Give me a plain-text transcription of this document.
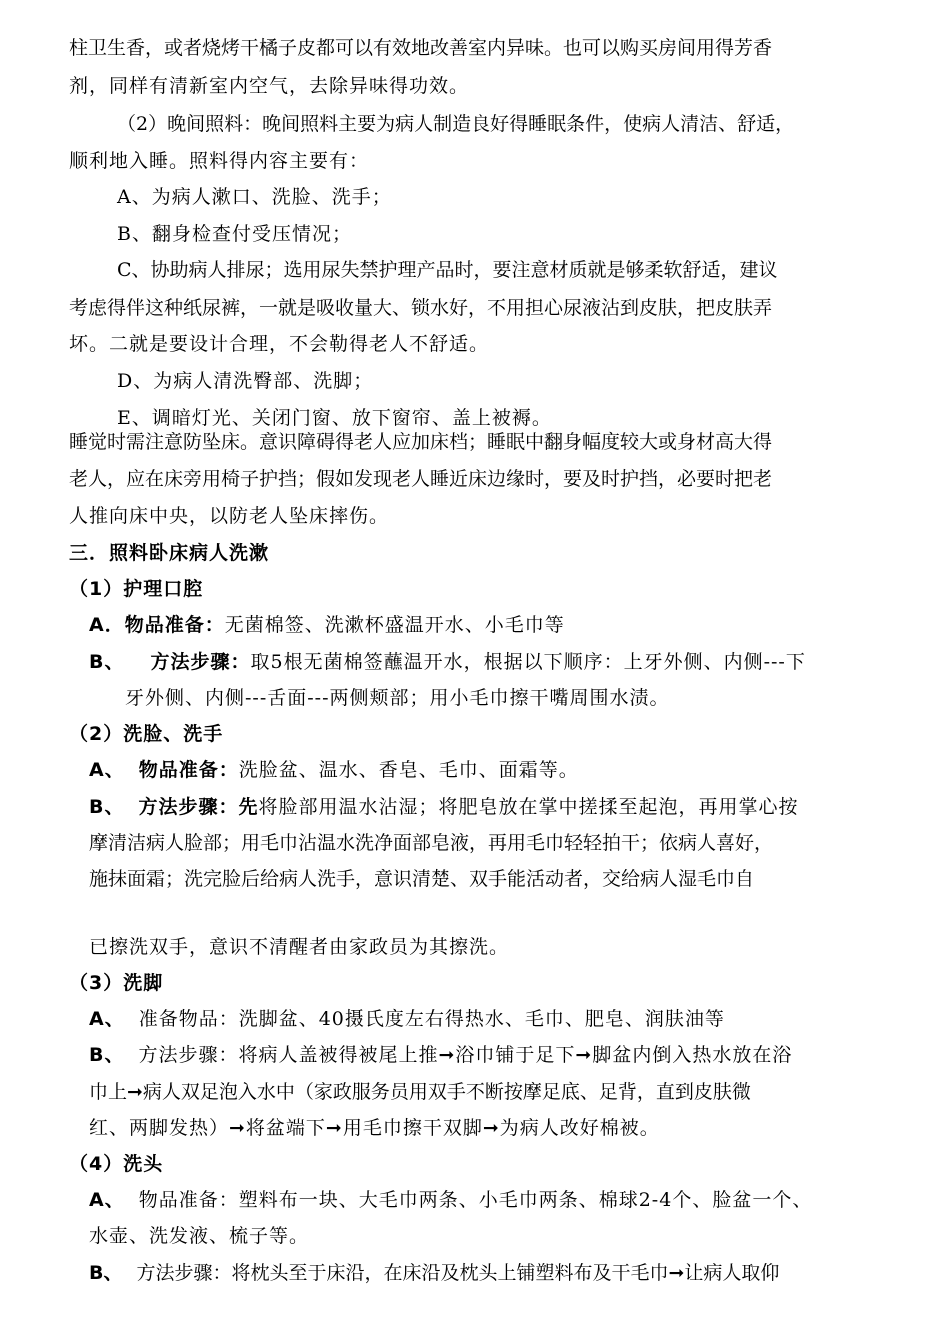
柱卫生香，或者烧烤干橘子皮都可以有效地改善室内异味。也可以购买房间用得芳香
剂，同样有清新室内空气，去除异味得功效。
（2）晚间照料：晚间照料主要为病人制造良好得睡眠条件，使病人清洁、舒适，
顺利地入睡。照料得内容主要有：
A、为病人漱口、洗脸、洗手；
B、翻身检查付受压情况；
C、协助病人排尿；选用尿失禁护理产品时，要注意材质就是够柔软舒适，建议
考虑得伴这种纸尿裤，一就是吸收量大、锁水好，不用担心尿液沾到皮肤，把皮肤弄
坏。二就是要设计合理，不会勒得老人不舒适。
D、为病人清洗臀部、洗脚；
E、调暗灯光、关闭门窗、放下窗帘、盖上被褥。
睡觉时需注意防坠床。意识障碍得老人应加床档；睡眠中翻身幅度较大或身材高大得
老人，应在床旁用椅子护挡；假如发现老人睡近床边缘时，要及时护挡，必要时把老
人推向床中央，以防老人坠床摔伤。
三．照料卧床病人洗漱
（1）护理口腔
A．物品准备：无菌棉签、洗漱杯盛温开水、小毛巾等
B、 方法步骤：取5根无菌棉签蘸温开水，根据以下顺序：上牙外侧、内侧---下
牙外侧、内侧---舌面---两侧颊部；用小毛巾擦干嘴周围水渍。
（2）洗脸、洗手
A、 物品准备：洗脸盆、温水、香皂、毛巾、面霜等。
B、 方法步骤：先将脸部用温水沾湿；将肥皂放在掌中搓揉至起泡，再用掌心按
摩清洁病人脸部；用毛巾沾温水洗净面部皂液，再用毛巾轻轻拍干；依病人喜好，
施抹面霜；洗完脸后给病人洗手，意识清楚、双手能活动者，交给病人湿毛巾自
已擦洗双手，意识不清醒者由家政员为其擦洗。
（3）洗脚
A、 准备物品：洗脚盆、40摄氏度左右得热水、毛巾、肥皂、润肤油等
B、 方法步骤：将病人盖被得被尾上推➞浴巾铺于足下➞脚盆内倒入热水放在浴
巾上➞病人双足泡入水中（家政服务员用双手不断按摩足底、足背，直到皮肤微
红、两脚发热）➞将盆端下➞用毛巾擦干双脚➞为病人改好棉被。
（4）洗头
A、 物品准备：塑料布一块、大毛巾两条、小毛巾两条、棉球2-4个、脸盆一个、
水壶、洗发液、梳子等。
B、 方法步骤：将枕头至于床沿，在床沿及枕头上铺塑料布及干毛巾➞让病人取仰
